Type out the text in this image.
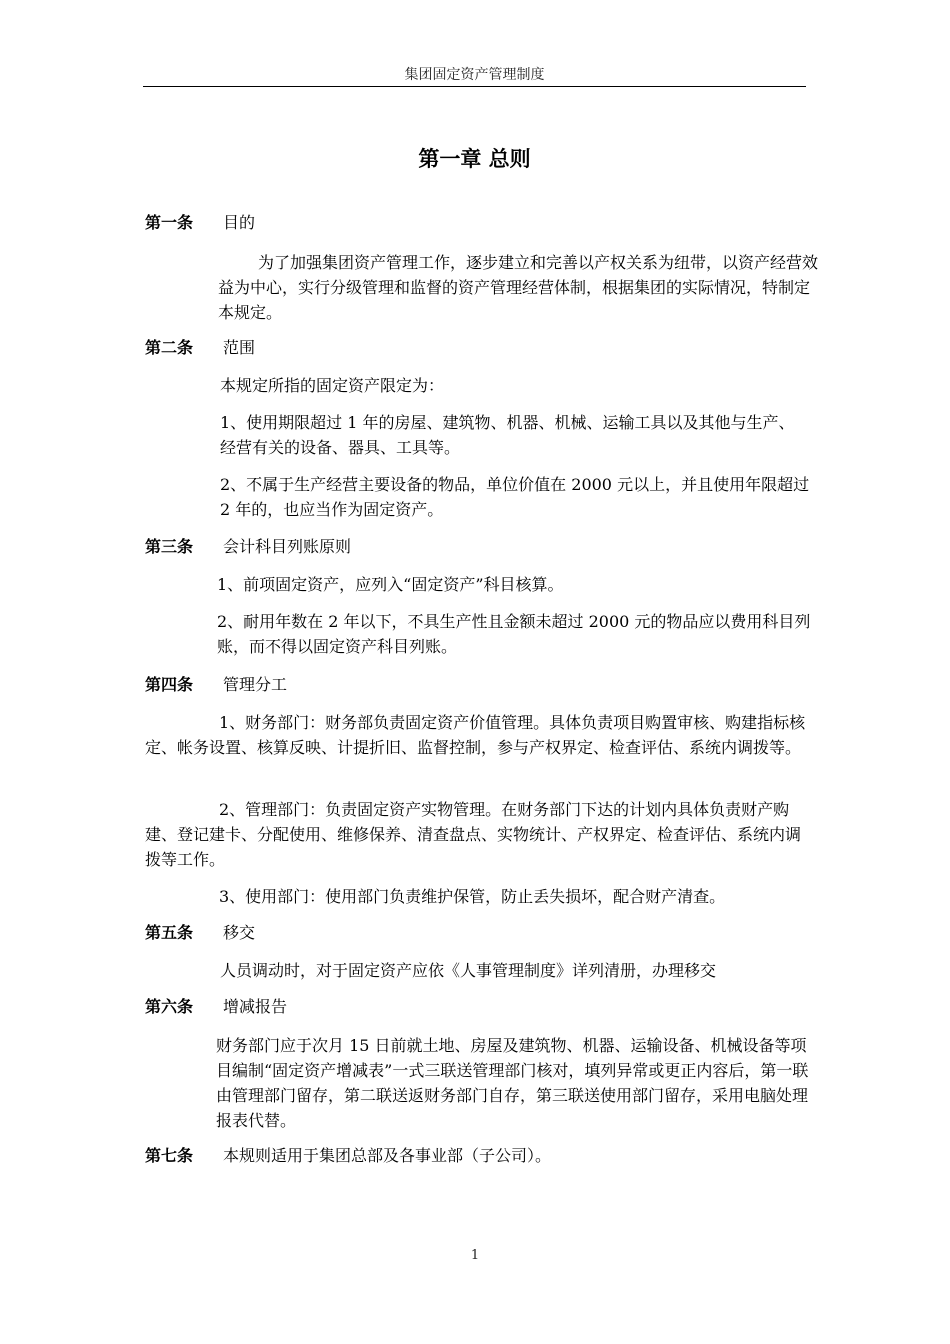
集团固定资产管理制度
第一章 总则
第一条 目的

为了加强集团资产管理工作，逐步建立和完善以产权关系为纽带，以资产经营效益为中心，实行分级管理和监督的资产管理经营体制，根据集团的实际情况，特制定本规定。

第二条 范围

本规定所指的固定资产限定为：

1、使用期限超过 1 年的房屋、建筑物、机器、机械、运输工具以及其他与生产、经营有关的设备、器具、工具等。

2、不属于生产经营主要设备的物品，单位价值在 2000 元以上，并且使用年限超过 2 年的，也应当作为固定资产。

第三条 会计科目列账原则

1、前项固定资产，应列入“固定资产”科目核算。

2、耐用年数在 2 年以下，不具生产性且金额未超过 2000 元的物品应以费用科目列账，而不得以固定资产科目列账。

第四条 管理分工

1、财务部门：财务部负责固定资产价值管理。具体负责项目购置审核、购建指标核定、帐务设置、核算反映、计提折旧、监督控制，参与产权界定、检查评估、系统内调拨等。

2、管理部门：负责固定资产实物管理。在财务部门下达的计划内具体负责财产购建、登记建卡、分配使用、维修保养、清查盘点、实物统计、产权界定、检查评估、系统内调拨等工作。

3、使用部门：使用部门负责维护保管，防止丢失损坏，配合财产清查。

第五条 移交

人员调动时，对于固定资产应依《人事管理制度》详列清册，办理移交

第六条 增减报告

财务部门应于次月 15 日前就土地、房屋及建筑物、机器、运输设备、机械设备等项目编制“固定资产增减表”一式三联送管理部门核对，填列异常或更正内容后，第一联由管理部门留存，第二联送返财务部门自存，第三联送使用部门留存，采用电脑处理报表代替。

第七条 本规则适用于集团总部及各事业部（子公司）。
1
